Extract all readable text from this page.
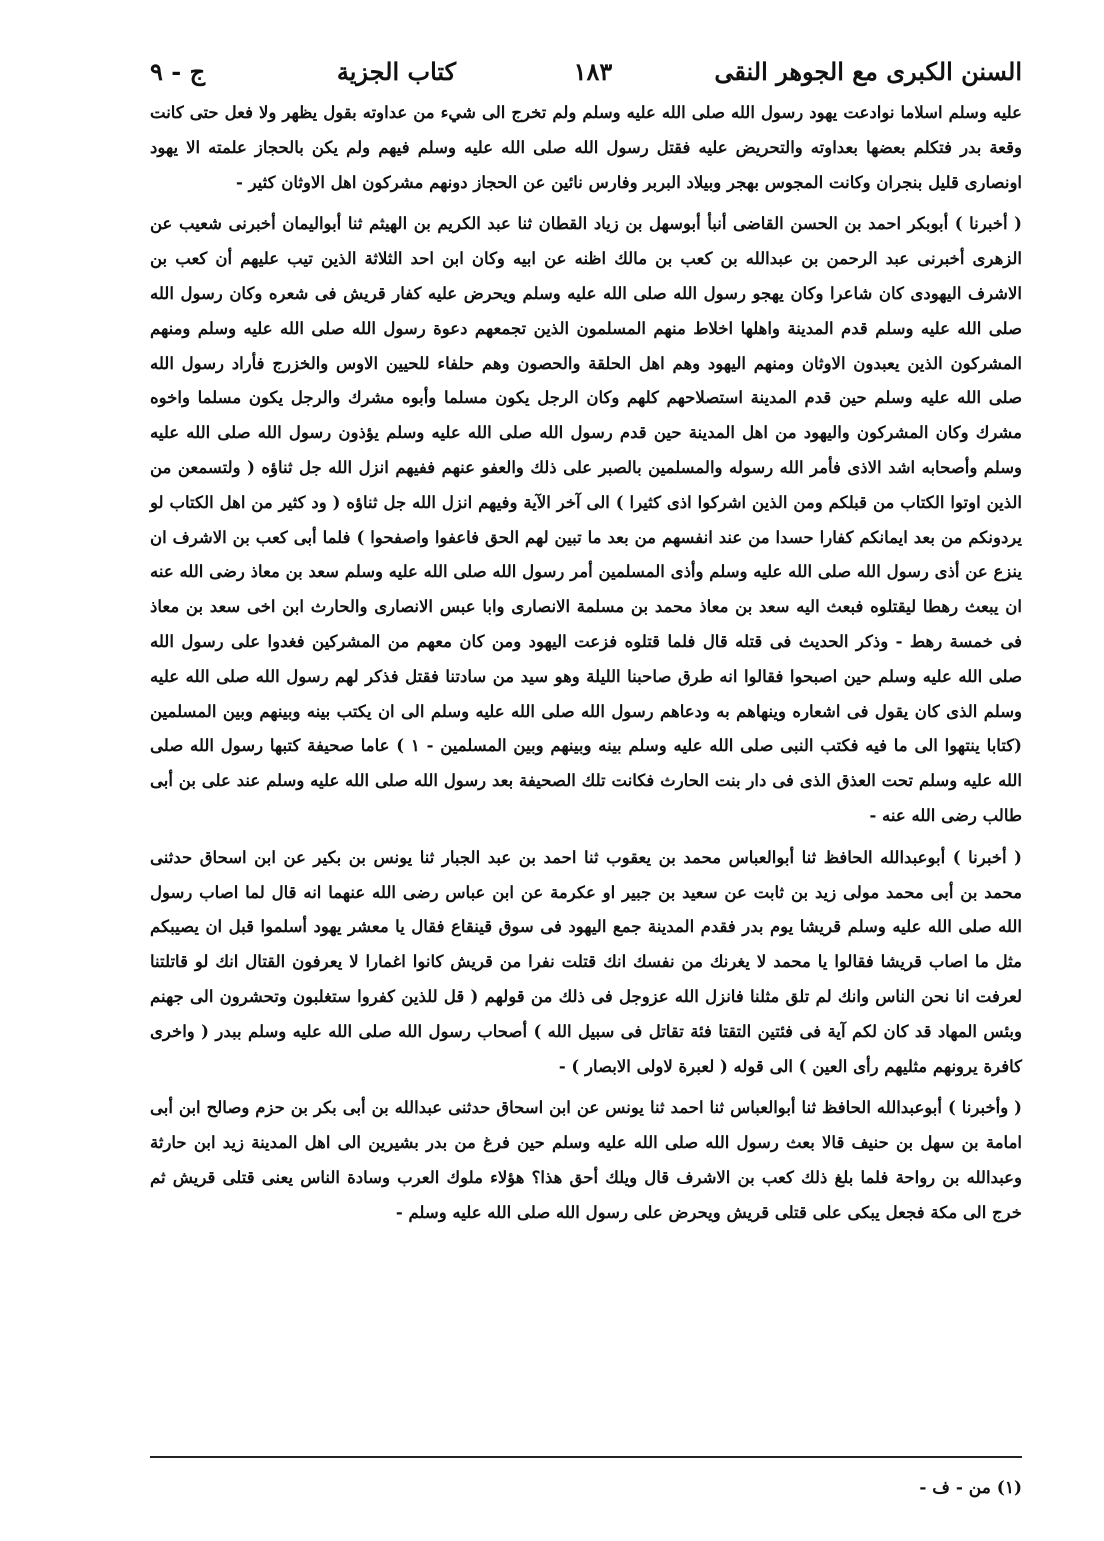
السنن الكبرى مع الجوهر النقى
١٨٣
كتاب الجزية
ج - ٩

عليه وسلم اسلاما نوادعت يهود رسول الله صلى الله عليه وسلم ولم تخرج الى شيء من عداوته بقول يظهر ولا فعل حتى كانت وقعة بدر فتكلم بعضها بعداوته والتحريض عليه فقتل رسول الله صلى الله عليه وسلم فيهم ولم يكن بالحجاز علمته الا يهود اونصارى قليل بنجران وكانت المجوس بهجر وبيلاد البربر وفارس نائين عن الحجاز دونهم مشركون اهل الاوثان كثير -

( أخبرنا ) أبوبكر احمد بن الحسن القاضى أنبأ أبوسهل بن زياد القطان ثنا عبد الكريم بن الهيثم ثنا أبواليمان أخبرنى شعيب عن الزهرى أخبرنى عبد الرحمن بن عبدالله بن كعب بن مالك اظنه عن ابيه وكان ابن احد الثلاثة الذين تيب عليهم أن كعب بن الاشرف اليهودى كان شاعرا وكان يهجو رسول الله صلى الله عليه وسلم ويحرض عليه كفار قريش فى شعره وكان رسول الله صلى الله عليه وسلم قدم المدينة واهلها اخلاط منهم المسلمون الذين تجمعهم دعوة رسول الله صلى الله عليه وسلم ومنهم المشركون الذين يعبدون الاوثان ومنهم اليهود وهم اهل الحلقة والحصون وهم حلفاء للحيين الاوس والخزرج فأراد رسول الله صلى الله عليه وسلم حين قدم المدينة استصلاحهم كلهم وكان الرجل يكون مسلما وأبوه مشرك والرجل يكون مسلما واخوه مشرك وكان المشركون واليهود من اهل المدينة حين قدم رسول الله صلى الله عليه وسلم يؤذون رسول الله صلى الله عليه وسلم وأصحابه اشد الاذى فأمر الله رسوله والمسلمين بالصبر على ذلك والعفو عنهم ففيهم انزل الله جل ثناؤه ( ولتسمعن من الذين اوتوا الكتاب من قبلكم ومن الذين اشركوا اذى كثيرا ) الى آخر الآية وفيهم انزل الله جل ثناؤه ( ود كثير من اهل الكتاب لو يردونكم من بعد ايمانكم كفارا حسدا من عند انفسهم من بعد ما تبين لهم الحق فاعفوا واصفحوا ) فلما أبى كعب بن الاشرف ان ينزع عن أذى رسول الله صلى الله عليه وسلم وأذى المسلمين أمر رسول الله صلى الله عليه وسلم سعد بن معاذ رضى الله عنه ان يبعث رهطا ليقتلوه فبعث اليه سعد بن معاذ محمد بن مسلمة الانصارى وابا عبس الانصارى والحارث ابن اخى سعد بن معاذ فى خمسة رهط - وذكر الحديث فى قتله قال فلما قتلوه فزعت اليهود ومن كان معهم من المشركين فغدوا على رسول الله صلى الله عليه وسلم حين اصبحوا فقالوا انه طرق صاحبنا الليلة وهو سيد من سادتنا فقتل فذكر لهم رسول الله صلى الله عليه وسلم الذى كان يقول فى اشعاره وينهاهم به ودعاهم رسول الله صلى الله عليه وسلم الى ان يكتب بينه وبينهم وبين المسلمين (كتابا ينتهوا الى ما فيه فكتب النبى صلى الله عليه وسلم بينه وبينهم وبين المسلمين - ١ ) عاما صحيفة كتبها رسول الله صلى الله عليه وسلم تحت العذق الذى فى دار بنت الحارث فكانت تلك الصحيفة بعد رسول الله صلى الله عليه وسلم عند على بن أبى طالب رضى الله عنه -

( أخبرنا ) أبوعبدالله الحافظ ثنا أبوالعباس محمد بن يعقوب ثنا احمد بن عبد الجبار ثنا يونس بن بكير عن ابن اسحاق حدثنى محمد بن أبى محمد مولى زيد بن ثابت عن سعيد بن جبير او عكرمة عن ابن عباس رضى الله عنهما انه قال لما اصاب رسول الله صلى الله عليه وسلم قريشا يوم بدر فقدم المدينة جمع اليهود فى سوق قينقاع فقال يا معشر يهود أسلموا قبل ان يصيبكم مثل ما اصاب قريشا فقالوا يا محمد لا يغرنك من نفسك انك قتلت نفرا من قريش كانوا اغمارا لا يعرفون القتال انك لو قاتلتنا لعرفت انا نحن الناس وانك لم تلق مثلنا فانزل الله عزوجل فى ذلك من قولهم ( قل للذين كفروا ستغلبون وتحشرون الى جهنم وبئس المهاد قد كان لكم آية فى فئتين التقتا فئة تقاتل فى سبيل الله ) أصحاب رسول الله صلى الله عليه وسلم ببدر ( واخرى كافرة يرونهم مثليهم رأى العين ) الى قوله ( لعبرة لاولى الابصار ) -

( وأخبرنا ) أبوعبدالله الحافظ ثنا أبوالعباس ثنا احمد ثنا يونس عن ابن اسحاق حدثنى عبدالله بن أبى بكر بن حزم وصالح ابن أبى امامة بن سهل بن حنيف قالا بعث رسول الله صلى الله عليه وسلم حين فرغ من بدر بشيرين الى اهل المدينة زيد ابن حارثة وعبدالله بن رواحة فلما بلغ ذلك كعب بن الاشرف قال ويلك أحق هذا؟ هؤلاء ملوك العرب وسادة الناس يعنى قتلى قريش ثم خرج الى مكة فجعل يبكى على قتلى قريش ويحرض على رسول الله صلى الله عليه وسلم -

(١) من - ف -
